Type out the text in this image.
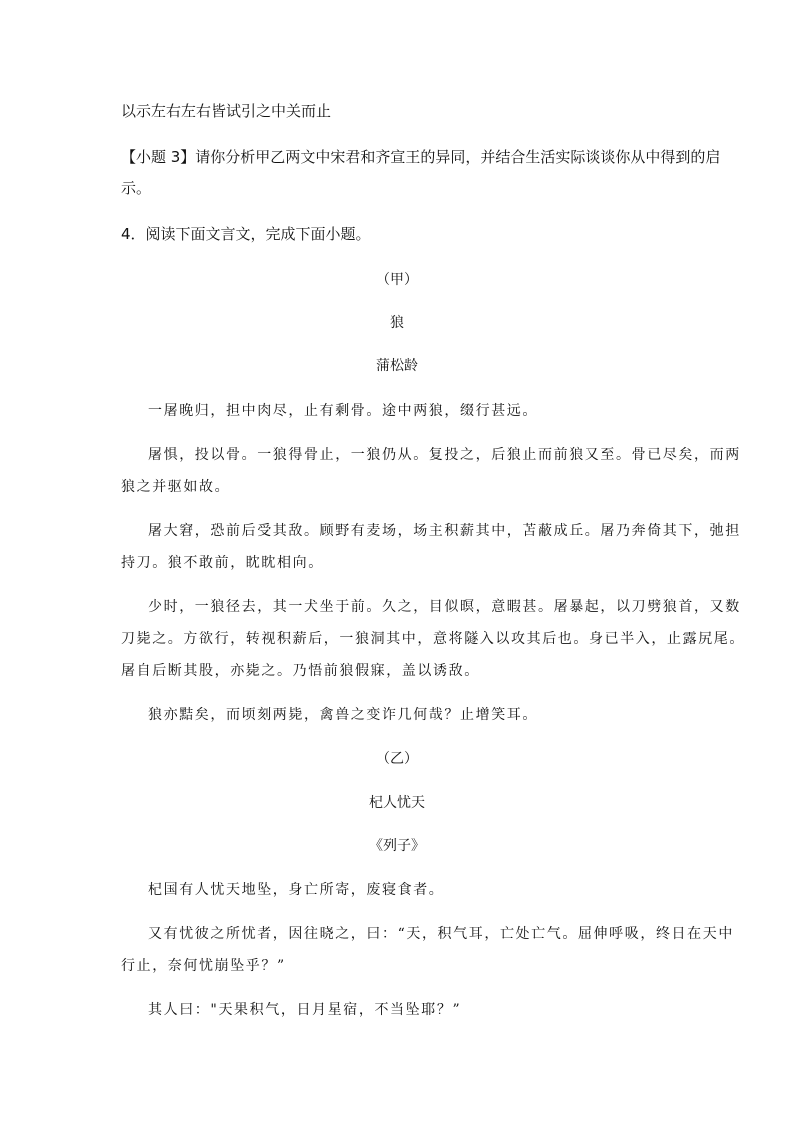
以示左右左右皆试引之中关而止
【小题 3】请你分析甲乙两文中宋君和齐宣王的异同，并结合生活实际谈谈你从中得到的启
示。
4．阅读下面文言文，完成下面小题。
（甲）
狼
蒲松龄
一屠晚归，担中肉尽，止有剩骨。途中两狼，缀行甚远。
屠惧，投以骨。一狼得骨止，一狼仍从。复投之，后狼止而前狼又至。骨已尽矣，而两
狼之并驱如故。
屠大窘，恐前后受其敌。顾野有麦场，场主积薪其中，苫蔽成丘。屠乃奔倚其下，弛担
持刀。狼不敢前，眈眈相向。
少时，一狼径去，其一犬坐于前。久之，目似暝，意暇甚。屠暴起，以刀劈狼首，又数
刀毙之。方欲行，转视积薪后，一狼洞其中，意将隧入以攻其后也。身已半入，止露尻尾。
屠自后断其股，亦毙之。乃悟前狼假寐，盖以诱敌。
狼亦黠矣，而顷刻两毙，禽兽之变诈几何哉？止增笑耳。
（乙）
杞人忧天
《列子》
杞国有人忧天地坠，身亡所寄，废寝食者。
又有忧彼之所忧者，因往晓之，曰：“天，积气耳，亡处亡气。屈伸呼吸，终日在天中
行止，奈何忧崩坠乎？”
其人曰："天果积气，日月星宿，不当坠耶？”
